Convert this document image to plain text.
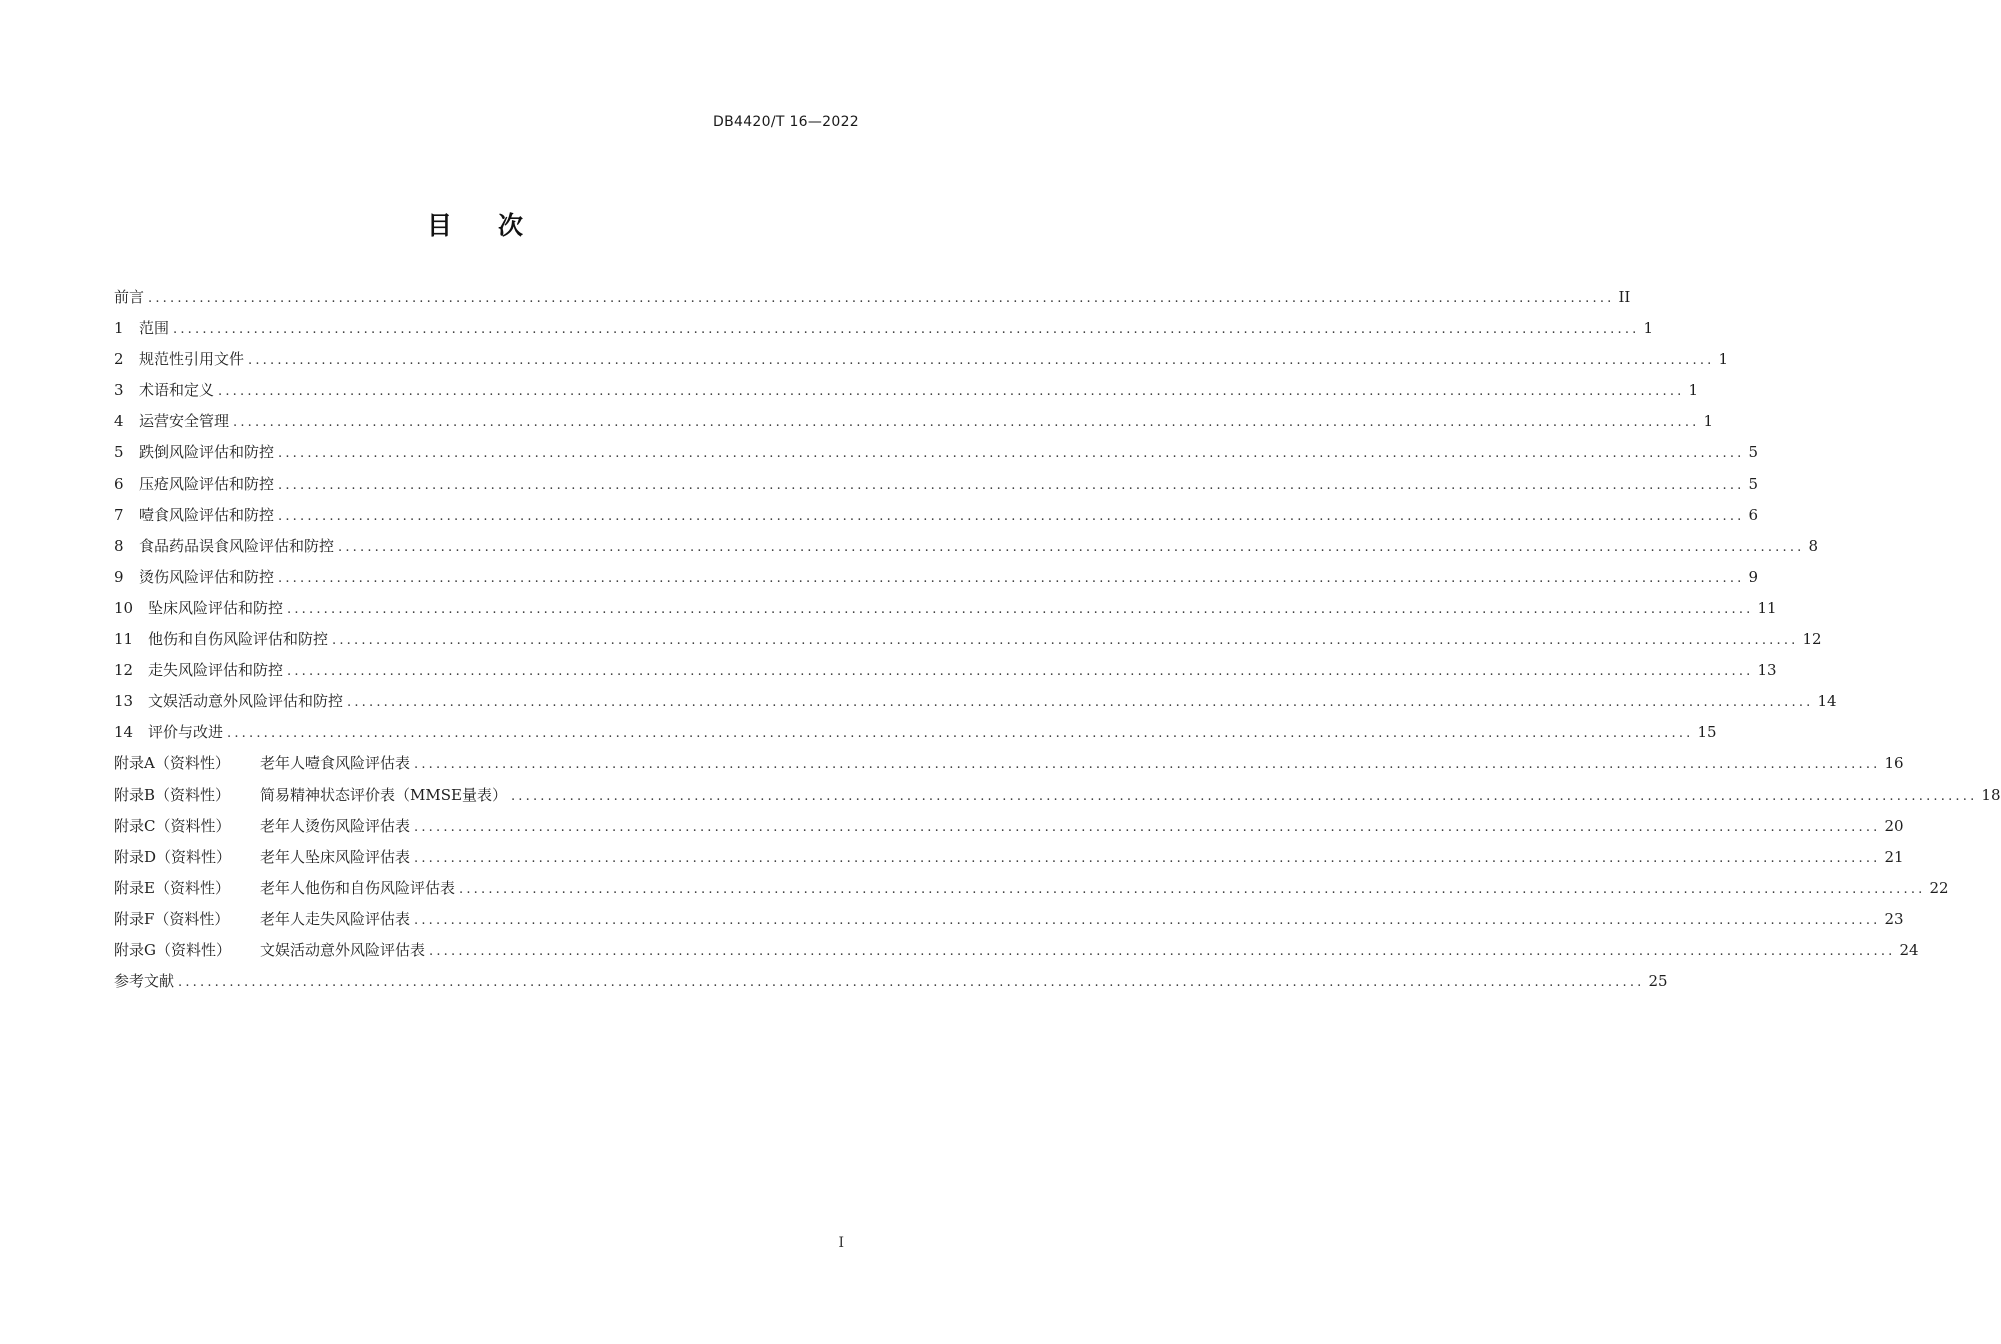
DB4420/T 16—2022
目次
前言 ........................................................................................................................................................................................................ II
1	范围 ........................................................................................................................................................................................................ 1
2	规范性引用文件 ........................................................................................................................................................................................................ 1
3	术语和定义 ........................................................................................................................................................................................................ 1
4	运营安全管理 ........................................................................................................................................................................................................ 1
5	跌倒风险评估和防控 ........................................................................................................................................................................................................ 5
6	压疮风险评估和防控 ........................................................................................................................................................................................................ 5
7	噎食风险评估和防控 ........................................................................................................................................................................................................ 6
8	食品药品误食风险评估和防控 ........................................................................................................................................................................................................ 8
9	烫伤风险评估和防控 ........................................................................................................................................................................................................ 9
10 坠床风险评估和防控 ........................................................................................................................................................................................................ 11
11 他伤和自伤风险评估和防控 ........................................................................................................................................................................................................ 12
12 走失风险评估和防控 ........................................................................................................................................................................................................ 13
13 文娱活动意外风险评估和防控 ........................................................................................................................................................................................................ 14
14 评价与改进 ........................................................................................................................................................................................................ 15
附录A（资料性）	老年人噎食风险评估表 ........................................................................................................................................................................................................ 16
附录B（资料性）	简易精神状态评价表（MMSE量表） ........................................................................................................................................................................................................ 18
附录C（资料性）	老年人烫伤风险评估表 ........................................................................................................................................................................................................ 20
附录D（资料性）	老年人坠床风险评估表 ........................................................................................................................................................................................................ 21
附录E（资料性）	老年人他伤和自伤风险评估表 ........................................................................................................................................................................................................ 22
附录F（资料性）	老年人走失风险评估表 ........................................................................................................................................................................................................ 23
附录G（资料性）	文娱活动意外风险评估表 ........................................................................................................................................................................................................ 24
参考文献 ........................................................................................................................................................................................................ 25
I
